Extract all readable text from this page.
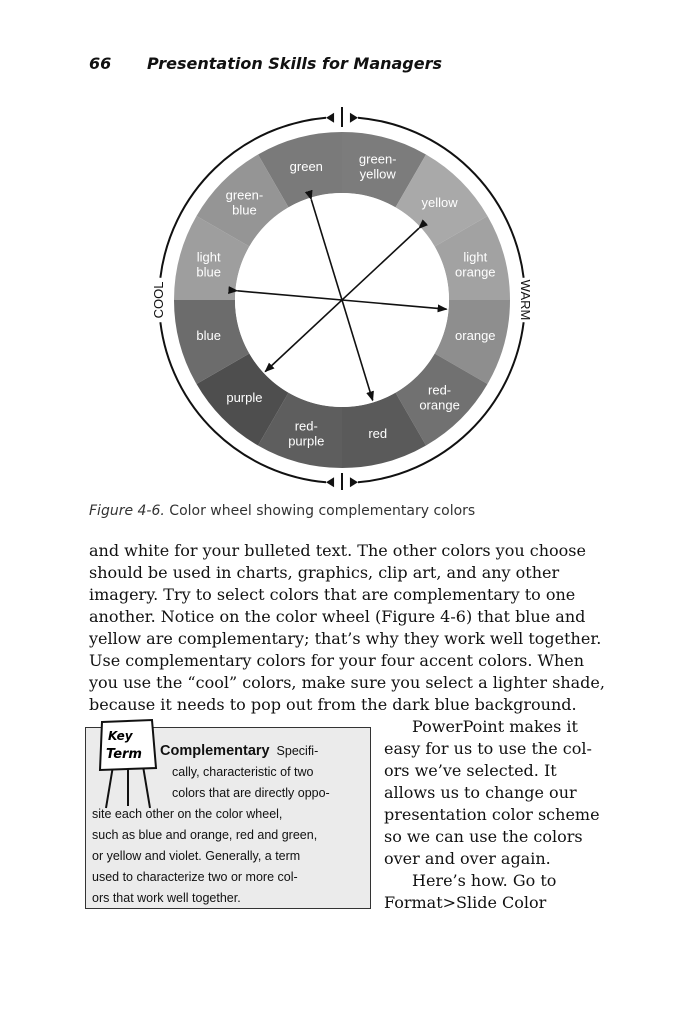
66 Presentation Skills for Managers
COOL	WARM
green	green-yellow
yellow
light orange
orange
red-orange
red
red-purple
purple
blue
light blue
green-blue
Figure 4-6. Color wheel showing complementary colors
and white for your bulleted text. The other colors you choose
should be used in charts, graphics, clip art, and any other
imagery. Try to select colors that are complementary to one
another. Notice on the color wheel (Figure 4-6) that blue and
yellow are complementary; that’s why they work well together.
Use complementary colors for your four accent colors. When
you use the “cool” colors, make sure you select a lighter shade,
because it needs to pop out from the dark blue background.
Key
Term Complementary Specifi-
cally, characteristic of two
colors that are directly oppo-
site each other on the color wheel,
such as blue and orange, red and green,
or yellow and violet. Generally, a term
used to characterize two or more col-
ors that work well together.
PowerPoint makes it
easy for us to use the col-
ors we’ve selected. It
allows us to change our
presentation color scheme
so we can use the colors
over and over again.
Here’s how. Go to
Format>Slide Color
